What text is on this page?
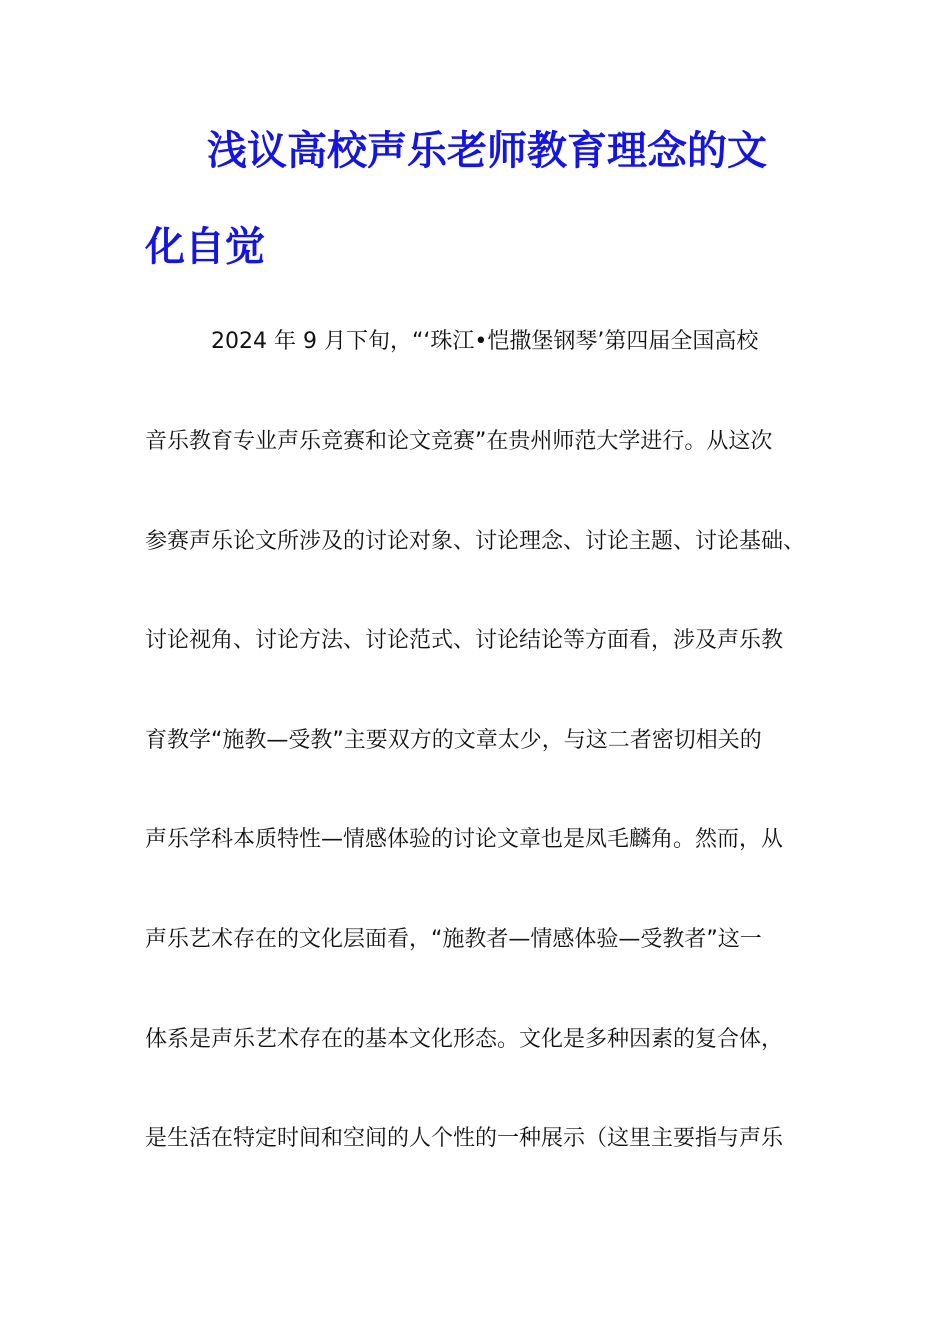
浅议高校声乐老师教育理念的文
化自觉

2024 年 9 月下旬，“‘珠江•恺撒堡钢琴’第四届全国高校

音乐教育专业声乐竞赛和论文竞赛”在贵州师范大学进行。从这次

参赛声乐论文所涉及的讨论对象、讨论理念、讨论主题、讨论基础、

讨论视角、讨论方法、讨论范式、讨论结论等方面看，涉及声乐教

育教学“施教—受教”主要双方的文章太少，与这二者密切相关的

声乐学科本质特性—情感体验的讨论文章也是凤毛麟角。然而，从

声乐艺术存在的文化层面看，“施教者—情感体验—受教者”这一

体系是声乐艺术存在的基本文化形态。文化是多种因素的复合体，

是生活在特定时间和空间的人个性的一种展示（这里主要指与声乐
